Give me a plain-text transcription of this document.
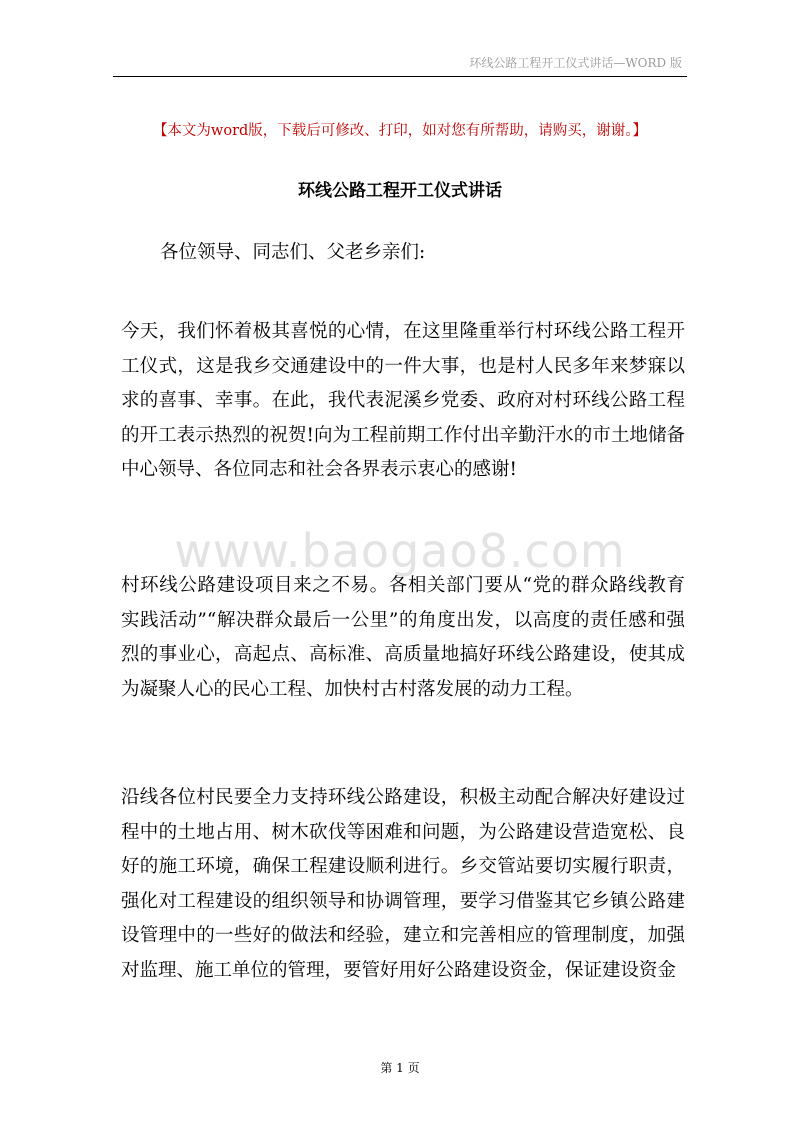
环线公路工程开工仪式讲话—WORD 版
【本文为word版，下载后可修改、打印，如对您有所帮助，请购买，谢谢。】
环线公路工程开工仪式讲话

各位领导、同志们、父老乡亲们:

今天，我们怀着极其喜悦的心情，在这里隆重举行村环线公路工程开工仪式，这是我乡交通建设中的一件大事，也是村人民多年来梦寐以求的喜事、幸事。在此，我代表泥溪乡党委、政府对村环线公路工程的开工表示热烈的祝贺!向为工程前期工作付出辛勤汗水的市土地储备中心领导、各位同志和社会各界表示衷心的感谢!

www.baogao8.com

村环线公路建设项目来之不易。各相关部门要从“党的群众路线教育实践活动”“解决群众最后一公里”的角度出发，以高度的责任感和强烈的事业心，高起点、高标准、高质量地搞好环线公路建设，使其成为凝聚人心的民心工程、加快村古村落发展的动力工程。

沿线各位村民要全力支持环线公路建设，积极主动配合解决好建设过程中的土地占用、树木砍伐等困难和问题，为公路建设营造宽松、良好的施工环境，确保工程建设顺利进行。乡交管站要切实履行职责，强化对工程建设的组织领导和协调管理，要学习借鉴其它乡镇公路建设管理中的一些好的做法和经验，建立和完善相应的管理制度，加强对监理、施工单位的管理，要管好用好公路建设资金，保证建设资金

第 1 页
